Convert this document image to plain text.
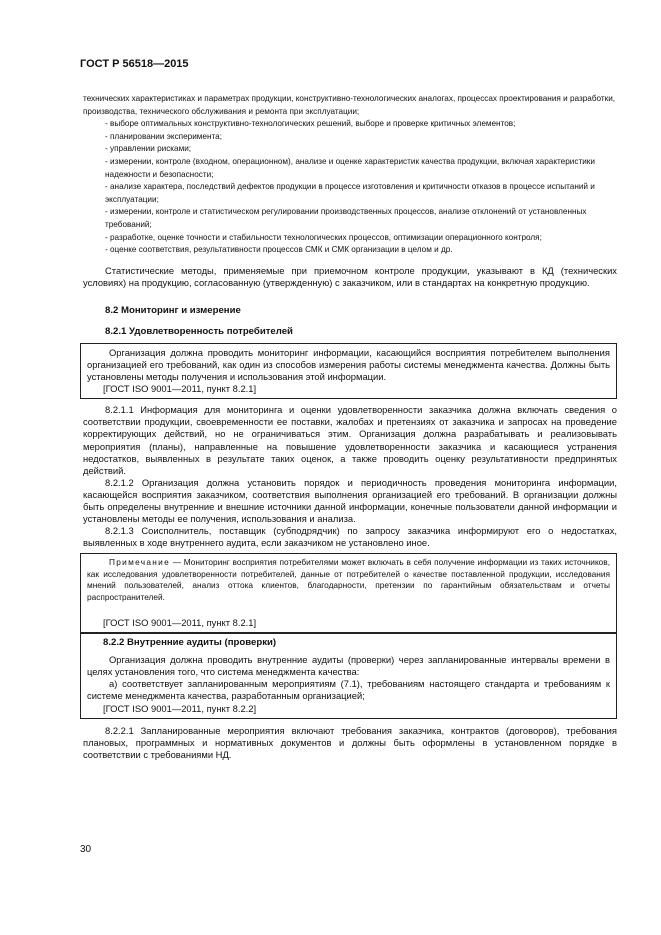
ГОСТ Р 56518—2015

технических характеристиках и параметрах продукции, конструктивно-технологических аналогах, процессах проектирования и разработки, производства, технического обслуживания и ремонта при эксплуатации;

- выборе оптимальных конструктивно-технологических решений, выборе и проверке критичных элементов;

- планировании эксперимента;

- управлении рисками;

- измерении, контроле (входном, операционном), анализе и оценке характеристик качества продукции, включая характеристики надежности и безопасности;

- анализе характера, последствий дефектов продукции в процессе изготовления и критичности отказов в процессе испытаний и эксплуатации;

- измерении, контроле и статистическом регулировании производственных процессов, анализе отклонений от установленных требований;

- разработке, оценке точности и стабильности технологических процессов, оптимизации операционного контроля;

- оценке соответствия, результативности процессов СМК и СМК организации в целом и др.

Статистические методы, применяемые при приемочном контроле продукции, указывают в КД (технических условиях) на продукцию, согласованную (утвержденную) с заказчиком, или в стандартах на конкретную продукцию.

8.2 Мониторинг и измерение

8.2.1 Удовлетворенность потребителей

Организация должна проводить мониторинг информации, касающийся восприятия потребителем выполнения организацией его требований, как один из способов измерения работы системы менеджмента качества. Должны быть установлены методы получения и использования этой информации.

[ГОСТ ISO 9001—2011, пункт 8.2.1]

8.2.1.1 Информация для мониторинга и оценки удовлетворенности заказчика должна включать сведения о соответствии продукции, своевременности ее поставки, жалобах и претензиях от заказчика и запросах на проведение корректирующих действий, но не ограничиваться этим. Организация должна разрабатывать и реализовывать мероприятия (планы), направленные на повышение удовлетворенности заказчика и касающиеся устранения недостатков, выявленных в результате таких оценок, а также проводить оценку результативности предпринятых действий.

8.2.1.2 Организация должна установить порядок и периодичность проведения мониторинга информации, касающейся восприятия заказчиком, соответствия выполнения организацией его требований. В организации должны быть определены внутренние и внешние источники данной информации, конечные пользователи данной информации и установлены методы ее получения, использования и анализа.

8.2.1.3 Соисполнитель, поставщик (субподрядчик) по запросу заказчика информируют его о недостатках, выявленных в ходе внутреннего аудита, если заказчиком не установлено иное.

Примечание — Мониторинг восприятия потребителями может включать в себя получение информации из таких источников, как исследования удовлетворенности потребителей, данные от потребителей о качестве поставленной продукции, исследования мнений пользователей, анализ оттока клиентов, благодарности, претензии по гарантийным обязательствам и отчеты распространителей.

[ГОСТ ISO 9001—2011, пункт 8.2.1]

8.2.2 Внутренние аудиты (проверки)

Организация должна проводить внутренние аудиты (проверки) через запланированные интервалы времени в целях установления того, что система менеджмента качества:

а) соответствует запланированным мероприятиям (7.1), требованиям настоящего стандарта и требованиям к системе менеджмента качества, разработанным организацией;

[ГОСТ ISO 9001—2011, пункт 8.2.2]

8.2.2.1 Запланированные мероприятия включают требования заказчика, контрактов (договоров), требования плановых, программных и нормативных документов и должны быть оформлены в установленном порядке в соответствии с требованиями НД.

30
